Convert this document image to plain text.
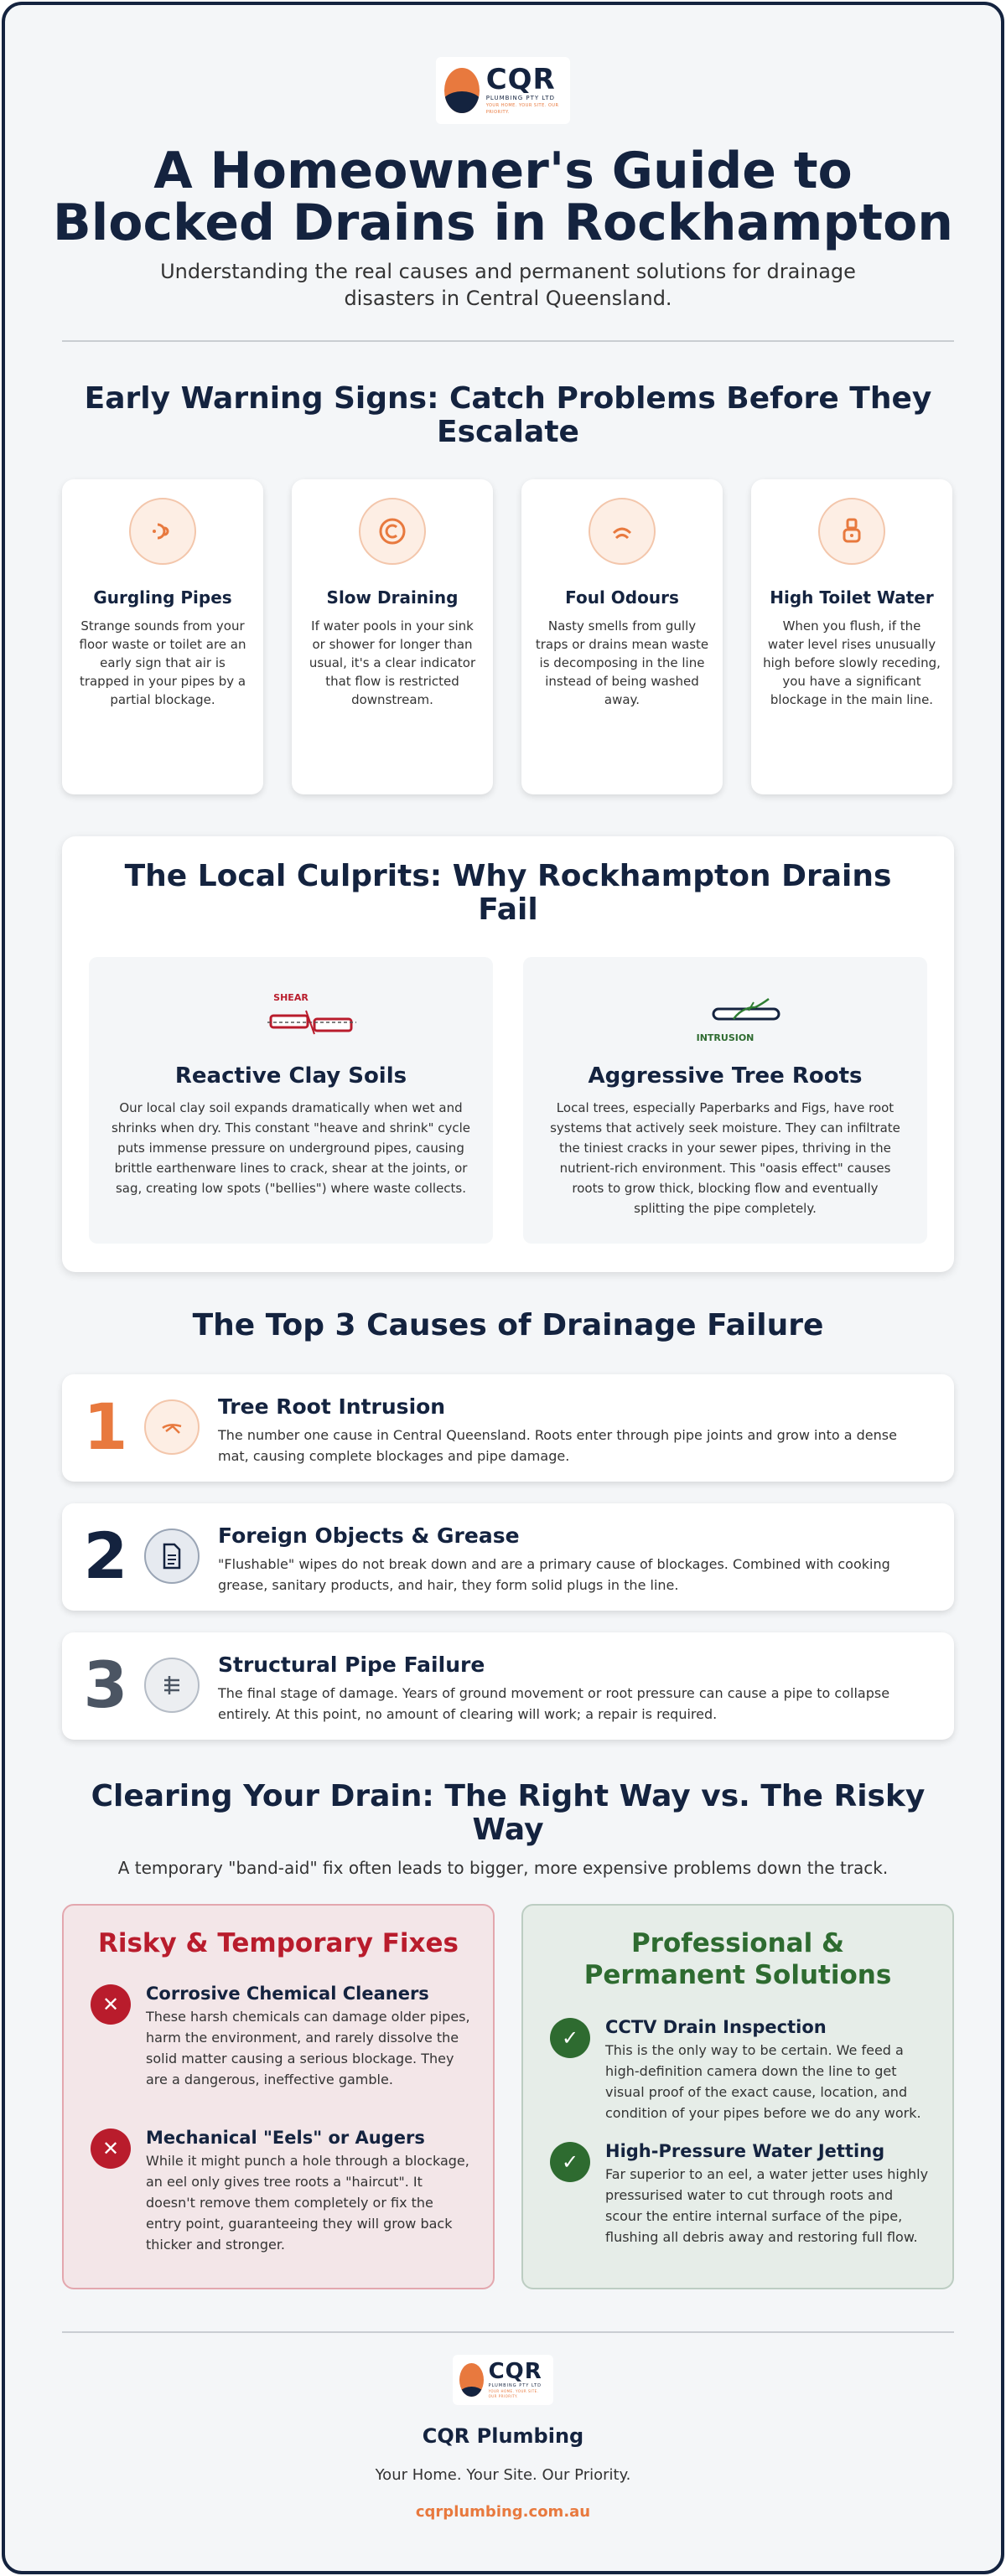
CQR
PLUMBING PTY LTD
YOUR HOME. YOUR SITE. OUR PRIORITY.
A Homeowner's Guide to
Blocked Drains in Rockhampton
Understanding the real causes and permanent solutions for drainage disasters in Central Queensland.
Early Warning Signs: Catch Problems Before They Escalate
Gurgling Pipes
Strange sounds from your floor waste or toilet are an early sign that air is trapped in your pipes by a partial blockage.
Slow Draining
If water pools in your sink or shower for longer than usual, it's a clear indicator that flow is restricted downstream.
Foul Odours
Nasty smells from gully traps or drains mean waste is decomposing in the line instead of being washed away.
High Toilet Water
When you flush, if the water level rises unusually high before slowly receding, you have a significant blockage in the main line.
The Local Culprits: Why Rockhampton Drains Fail
SHEAR
Reactive Clay Soils
Our local clay soil expands dramatically when wet and shrinks when dry. This constant "heave and shrink" cycle puts immense pressure on underground pipes, causing brittle earthenware lines to crack, shear at the joints, or sag, creating low spots ("bellies") where waste collects.
INTRUSION
Aggressive Tree Roots
Local trees, especially Paperbarks and Figs, have root systems that actively seek moisture. They can infiltrate the tiniest cracks in your sewer pipes, thriving in the nutrient-rich environment. This "oasis effect" causes roots to grow thick, blocking flow and eventually splitting the pipe completely.
The Top 3 Causes of Drainage Failure
1	Tree Root Intrusion
The number one cause in Central Queensland. Roots enter through pipe joints and grow into a dense mat, causing complete blockages and pipe damage.
2	Foreign Objects & Grease
"Flushable" wipes do not break down and are a primary cause of blockages. Combined with cooking grease, sanitary products, and hair, they form solid plugs in the line.
3	Structural Pipe Failure
The final stage of damage. Years of ground movement or root pressure can cause a pipe to collapse entirely. At this point, no amount of clearing will work; a repair is required.
Clearing Your Drain: The Right Way vs. The Risky Way
A temporary "band-aid" fix often leads to bigger, more expensive problems down the track.
Risky & Temporary Fixes
✕	Corrosive Chemical Cleaners
These harsh chemicals can damage older pipes, harm the environment, and rarely dissolve the solid matter causing a serious blockage. They are a dangerous, ineffective gamble.
✕	Mechanical "Eels" or Augers
While it might punch a hole through a blockage, an eel only gives tree roots a "haircut". It doesn't remove them completely or fix the entry point, guaranteeing they will grow back thicker and stronger.
Professional & Permanent Solutions
✓	CCTV Drain Inspection
This is the only way to be certain. We feed a high-definition camera down the line to get visual proof of the exact cause, location, and condition of your pipes before we do any work.
✓	High-Pressure Water Jetting
Far superior to an eel, a water jetter uses highly pressurised water to cut through roots and scour the entire internal surface of the pipe, flushing all debris away and restoring full flow.
CQR
PLUMBING PTY LTD
YOUR HOME. YOUR SITE. OUR PRIORITY.
CQR Plumbing
Your Home. Your Site. Our Priority.
cqrplumbing.com.au
